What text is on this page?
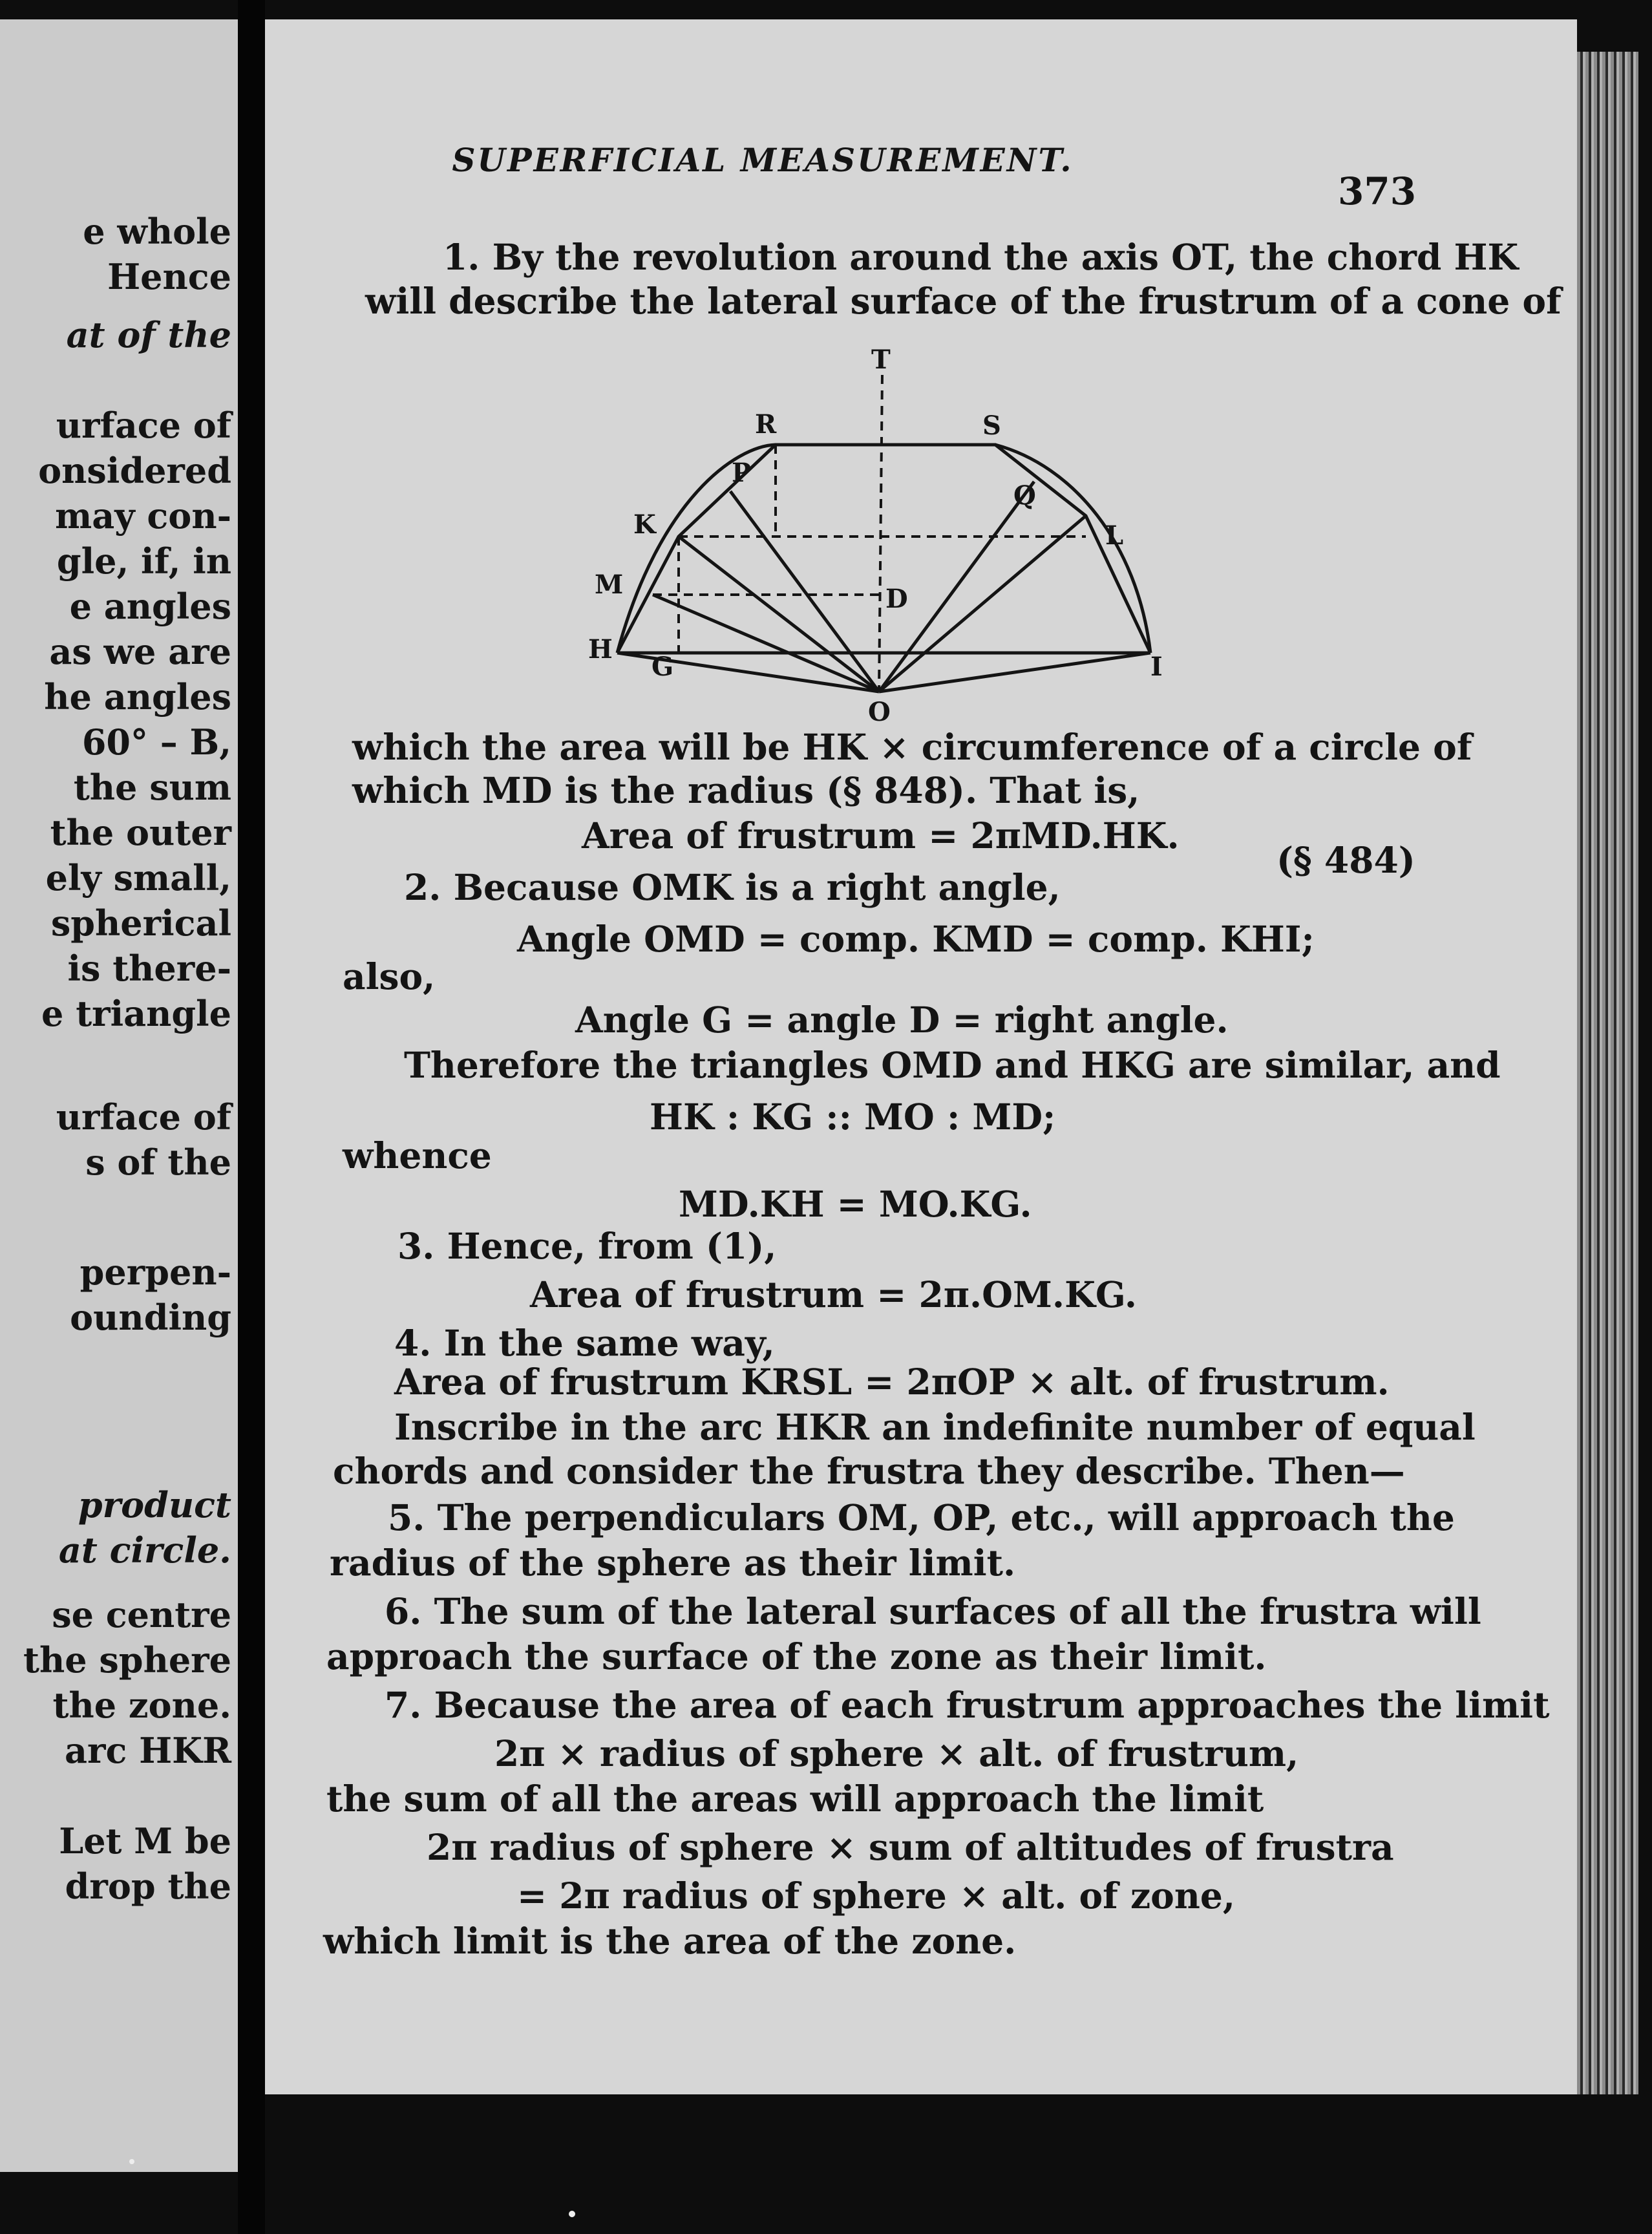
e whole
Hence
at of the
urface of
onsidered
may con-
gle, if, in
e angles
as we are
he angles
60° – B,
the sum
the outer
ely small,
spherical
is there-
e triangle
urface of
s of the
perpen-
ounding
product
at circle.
se centre
the sphere
the zone.
arc HKR
Let M be
drop the
SUPERFICIAL MEASUREMENT.
373
1. By the revolution around the axis OT, the chord HK
will describe the lateral surface of the frustrum of a cone of
T
R	S
P
Q
K	L
M	D
H
G
O
I
which the area will be HK × circumference of a circle of
which MD is the radius (§ 848). That is,
Area of frustrum = 2πMD.HK.
(§ 484)
2. Because OMK is a right angle,
Angle OMD = comp. KMD = comp. KHI;
also,
Angle G = angle D = right angle.
Therefore the triangles OMD and HKG are similar, and
HK : KG :: MO : MD;
whence
MD.KH = MO.KG.
3. Hence, from (1),
Area of frustrum = 2π.OM.KG.
4. In the same way,
Area of frustrum KRSL = 2πOP × alt. of frustrum.
Inscribe in the arc HKR an indefinite number of equal
chords and consider the frustra they describe. Then—
5. The perpendiculars OM, OP, etc., will approach the
radius of the sphere as their limit.
6. The sum of the lateral surfaces of all the frustra will
approach the surface of the zone as their limit.
7. Because the area of each frustrum approaches the limit
2π × radius of sphere × alt. of frustrum,
the sum of all the areas will approach the limit
2π radius of sphere × sum of altitudes of frustra
= 2π radius of sphere × alt. of zone,
which limit is the area of the zone.
